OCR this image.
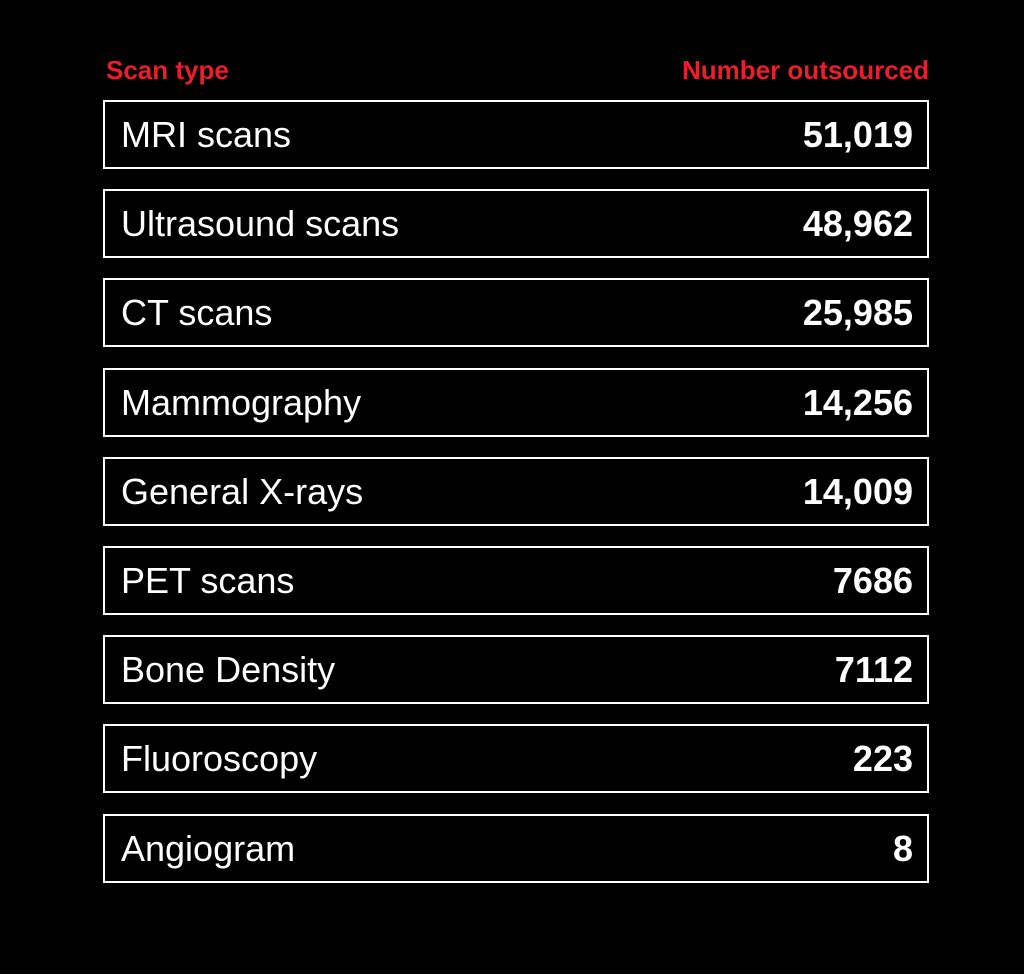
Scan type	Number outsourced
MRI scans	51,019
Ultrasound scans	48,962
CT scans	25,985
Mammography	14,256
General X-rays	14,009
PET scans	7686
Bone Density	7112
Fluoroscopy	223
Angiogram	8
